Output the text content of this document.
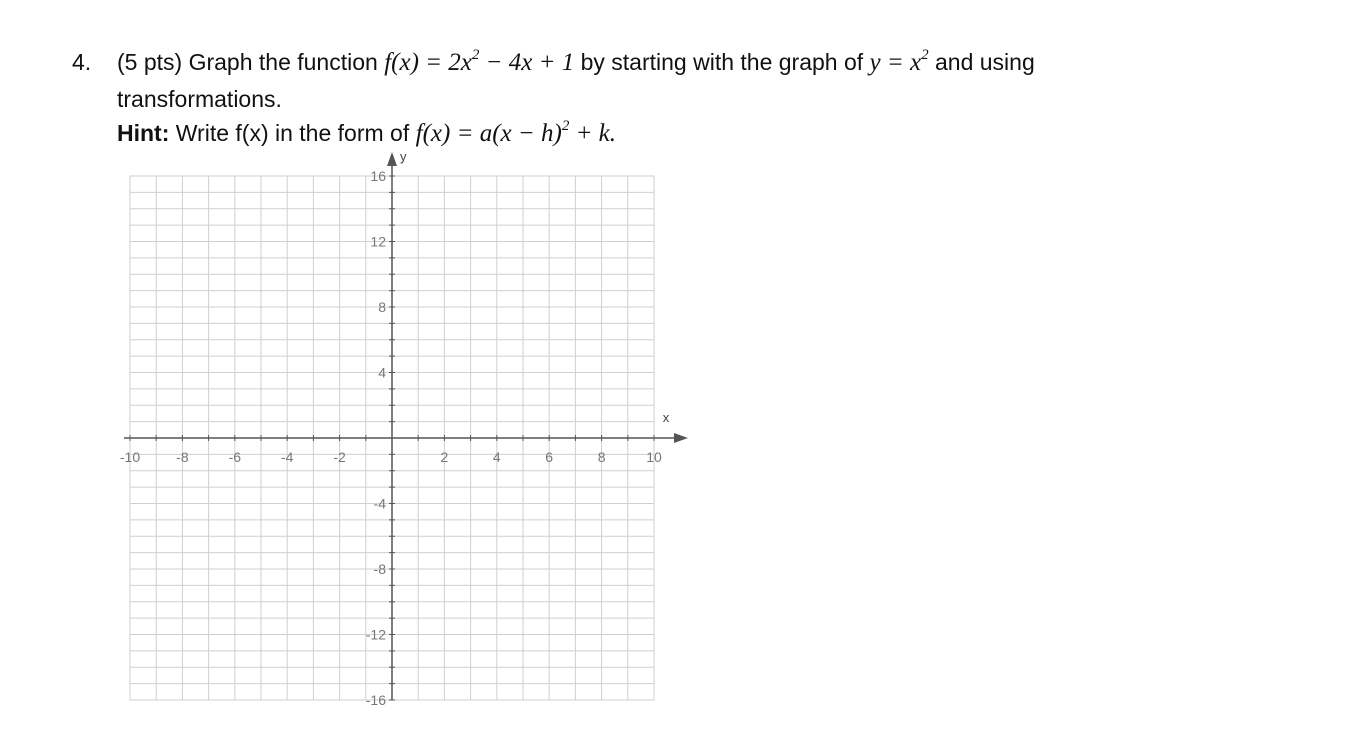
4. (5 pts) Graph the function $f(x) = 2x^2 - 4x + 1$ by starting with the graph of $y = x^2$ and using
transformations.
Hint: Write f(x) in the form of $f(x) = a(x - h)^2 + k$.
-10	-8	-6	-4	-2	2	4	6	8	10
16
12
8
4
-4
-8
-12
-16
x
y
